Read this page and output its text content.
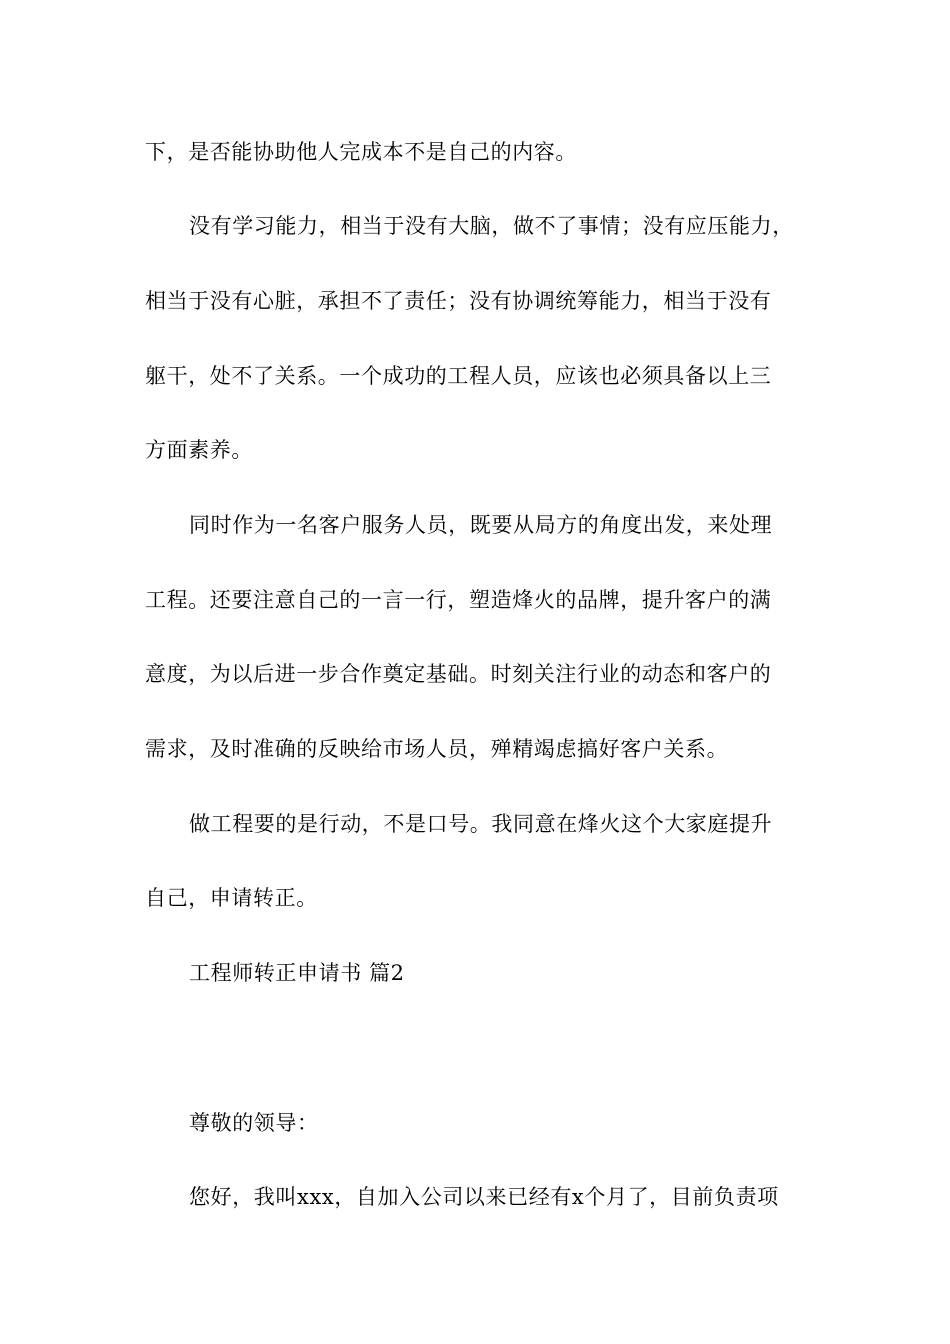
下，是否能协助他人完成本不是自己的内容。
没有学习能力，相当于没有大脑，做不了事情；没有应压能力，
相当于没有心脏，承担不了责任；没有协调统筹能力，相当于没有
躯干，处不了关系。一个成功的工程人员，应该也必须具备以上三
方面素养。
同时作为一名客户服务人员，既要从局方的角度出发，来处理
工程。还要注意自己的一言一行，塑造烽火的品牌，提升客户的满
意度，为以后进一步合作奠定基础。时刻关注行业的动态和客户的
需求，及时准确的反映给市场人员，殚精竭虑搞好客户关系。
做工程要的是行动，不是口号。我同意在烽火这个大家庭提升
自己，申请转正。
工程师转正申请书 篇2
尊敬的领导：
您好，我叫xxx，自加入公司以来已经有x个月了，目前负责项
